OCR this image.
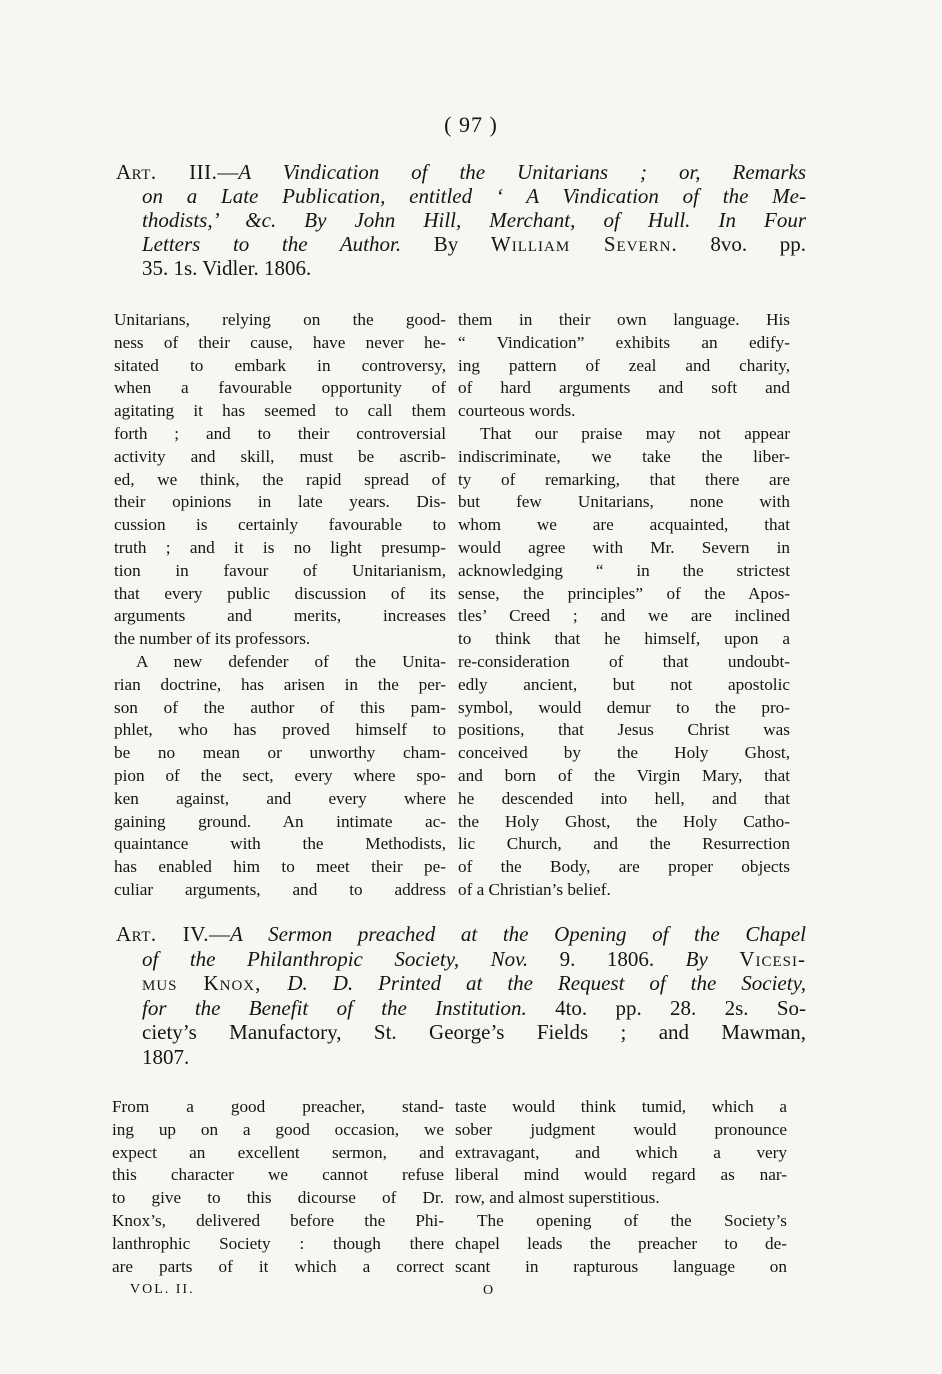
( 97 )
Art. III.—A Vindication of the Unitarians ; or, Remarks
on a Late Publication, entitled ‘ A Vindication of the Me-
thodists,’ &c. By John Hill, Merchant, of Hull. In Four
Letters to the Author. By William Severn. 8vo. pp.
35. 1s. Vidler. 1806.
Unitarians, relying on the good-
ness of their cause, have never he-
sitated to embark in controversy,
when a favourable opportunity of
agitating it has seemed to call them
forth ; and to their controversial
activity and skill, must be ascrib-
ed, we think, the rapid spread of
their opinions in late years. Dis-
cussion is certainly favourable to
truth ; and it is no light presump-
tion in favour of Unitarianism,
that every public discussion of its
arguments and merits, increases
the number of its professors.
A new defender of the Unita-
rian doctrine, has arisen in the per-
son of the author of this pam-
phlet, who has proved himself to
be no mean or unworthy cham-
pion of the sect, every where spo-
ken against, and every where
gaining ground. An intimate ac-
quaintance with the Methodists,
has enabled him to meet their pe-
culiar arguments, and to address
them in their own language. His
“ Vindication” exhibits an edify-
ing pattern of zeal and charity,
of hard arguments and soft and
courteous words.
That our praise may not appear
indiscriminate, we take the liber-
ty of remarking, that there are
but few Unitarians, none with
whom we are acquainted, that
would agree with Mr. Severn in
acknowledging “ in the strictest
sense, the principles” of the Apos-
tles’ Creed ; and we are inclined
to think that he himself, upon a
re-consideration of that undoubt-
edly ancient, but not apostolic
symbol, would demur to the pro-
positions, that Jesus Christ was
conceived by the Holy Ghost,
and born of the Virgin Mary, that
he descended into hell, and that
the Holy Ghost, the Holy Catho-
lic Church, and the Resurrection
of the Body, are proper objects
of a Christian’s belief.
Art. IV.—A Sermon preached at the Opening of the Chapel
of the Philanthropic Society, Nov. 9. 1806. By Vicesi-
mus Knox, D. D. Printed at the Request of the Society,
for the Benefit of the Institution. 4to. pp. 28. 2s. So-
ciety’s Manufactory, St. George’s Fields ; and Mawman,
1807.
From a good preacher, stand-
ing up on a good occasion, we
expect an excellent sermon, and
this character we cannot refuse
to give to this dicourse of Dr.
Knox’s, delivered before the Phi-
lanthrophic Society : though there
are parts of it which a correct
taste would think tumid, which a
sober judgment would pronounce
extravagant, and which a very
liberal mind would regard as nar-
row, and almost superstitious.
The opening of the Society’s
chapel leads the preacher to de-
scant in rapturous language on
VOL. II.	O
